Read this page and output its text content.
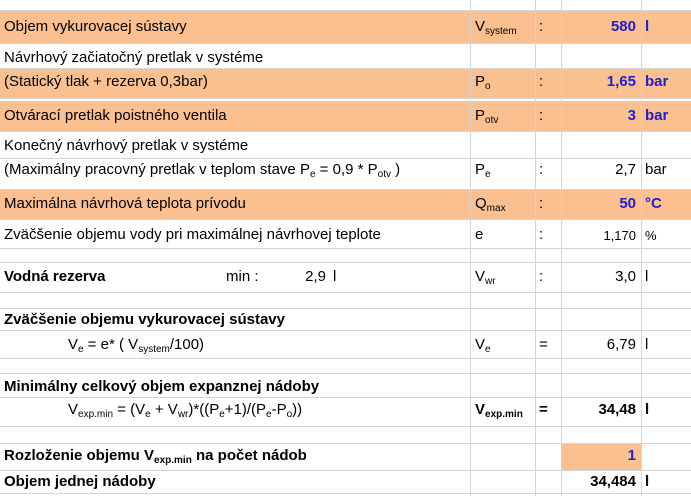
Objem vykurovacej sústavy	$V_{system}$ :	580 l
Návrhový začiatočný pretlak v systéme
(Statický tlak + rezerva 0,3bar)	$P_o$	:	1,65 bar
Otvárací pretlak poistného ventila	$P_{otv}$	:	3 bar
Konečný návrhový pretlak v systéme
(Maximálny pracovný pretlak v teplom stave $P_e = 0,9 * P_{otv}$ )	$P_e$	:	2,7 bar
Maximálna návrhová teplota prívodu	$Q_{max}$ :	50 °C
Zväčšenie objemu vody pri maximálnej návrhovej teplote	e	:	1,170 %
Vodná rezerva	min :	2,9 l	$V_{wr}$	:	3,0 l
Zväčšenie objemu vykurovacej sústavy
$V_e = e*$ ( $V_{system}/100$)	$V_e$	=	6,79 l
Minimálny celkový objem expanznej nádoby
$V_{exp.min} = (V_e + V_{wr})*((P_e+1)/(P_e-P_o))$	$V_{exp.min}$ =	34,48 l
Rozloženie objemu $V_{exp.min}$ na počet nádob	1
Objem jednej nádoby	34,484 l
